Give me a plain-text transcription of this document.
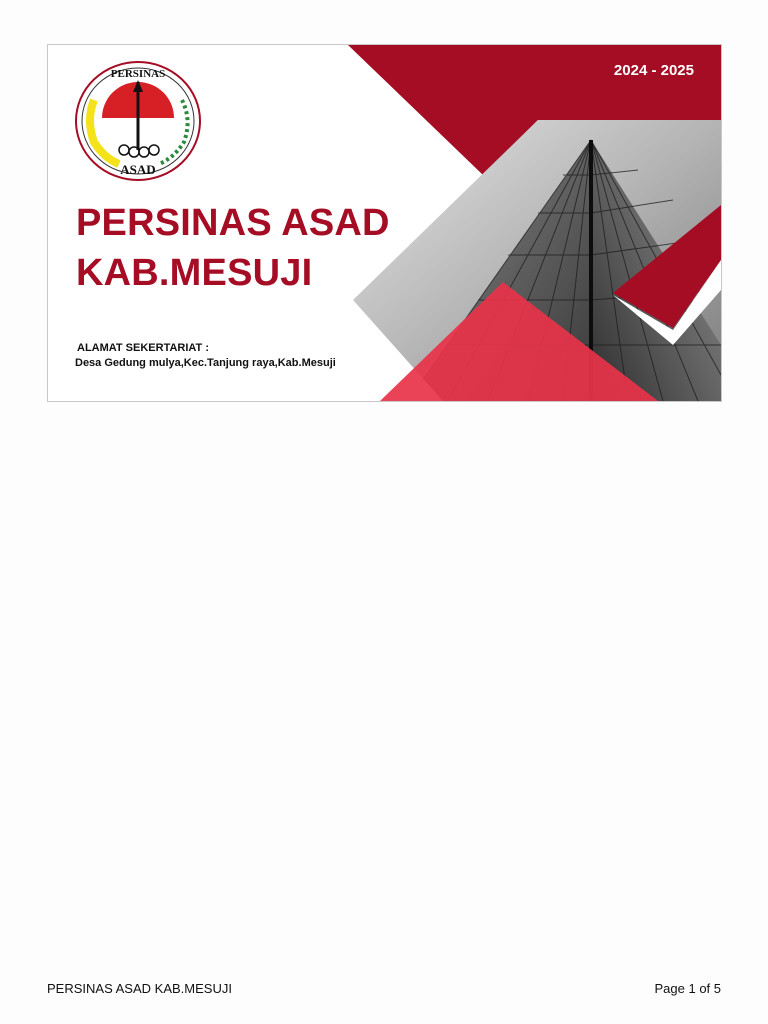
PERSINAS
ASAD
2024 - 2025
PERSINAS ASAD
KAB.MESUJI
ALAMAT SEKERTARIAT :
Desa Gedung mulya,Kec.Tanjung raya,Kab.Mesuji
PERSINAS ASAD KAB.MESUJI	Page 1 of 5
